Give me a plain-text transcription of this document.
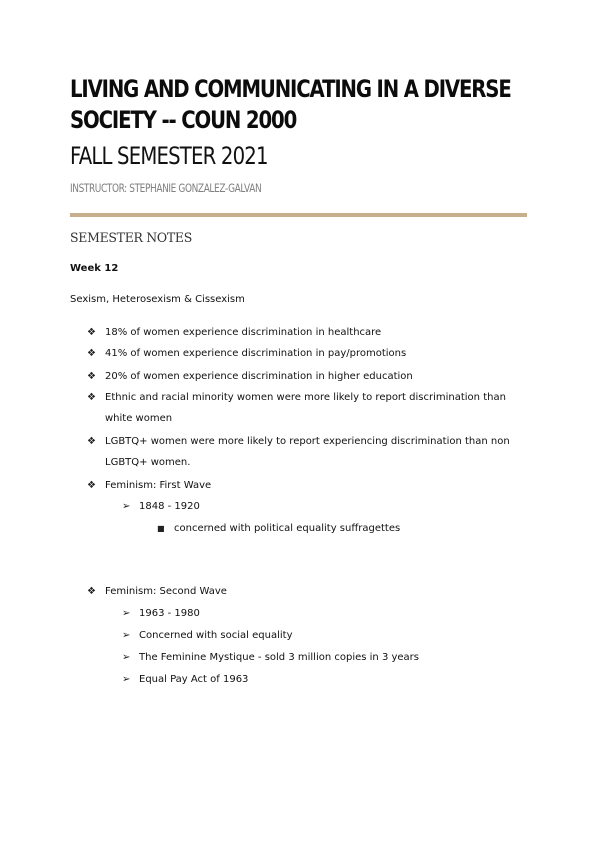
LIVING AND COMMUNICATING IN A DIVERSE SOCIETY -- COUN 2000
FALL SEMESTER 2021
INSTRUCTOR: STEPHANIE GONZALEZ-GALVAN
SEMESTER NOTES
Week 12
Sexism, Heterosexism & Cissexism
❖ 18% of women experience discrimination in healthcare
❖ 41% of women experience discrimination in pay/promotions
❖ 20% of women experience discrimination in higher education
❖ Ethnic and racial minority women were more likely to report discrimination than white women
❖ LGBTQ+ women were more likely to report experiencing discrimination than non LGBTQ+ women.
❖ Feminism: First Wave
➢ 1848 - 1920
■ concerned with political equality suffragettes
❖ Feminism: Second Wave
➢ 1963 - 1980
➢ Concerned with social equality
➢ The Feminine Mystique - sold 3 million copies in 3 years
➢ Equal Pay Act of 1963
